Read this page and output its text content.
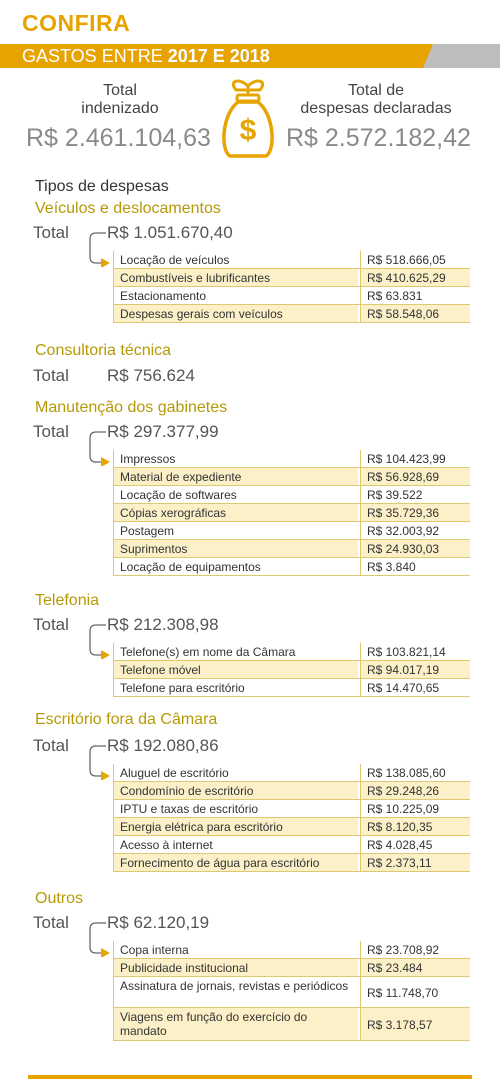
CONFIRA
GASTOS ENTRE 2017 E 2018
Total
indenizado
R$ 2.461.104,63 $
Total de
despesas declaradas
R$ 2.572.182,42
Tipos de despesas
Veículos e deslocamentos
Total R$ 1.051.670,40
Locação de veículos	R$ 518.666,05
Combustíveis e lubrificantes	R$ 410.625,29
Estacionamento	R$ 63.831
Despesas gerais com veículos	R$ 58.548,06
Consultoria técnica
Total R$ 756.624
Manutenção dos gabinetes
Total R$ 297.377,99
Impressos	R$ 104.423,99
Material de expediente	R$ 56.928,69
Locação de softwares	R$ 39.522
Cópias xerográficas	R$ 35.729,36
Postagem	R$ 32.003,92
Suprimentos	R$ 24.930,03
Locação de equipamentos	R$ 3.840
Telefonia
Total R$ 212.308,98
Telefone(s) em nome da Câmara	R$ 103.821,14
Telefone móvel	R$ 94.017,19
Telefone para escritório	R$ 14.470,65
Escritório fora da Câmara
Total R$ 192.080,86
Aluguel de escritório	R$ 138.085,60
Condomínio de escritório	R$ 29.248,26
IPTU e taxas de escritório	R$ 10.225,09
Energia elétrica para escritório	R$ 8.120,35
Acesso à internet	R$ 4.028,45
Fornecimento de água para escritório	R$ 2.373,11
Outros
Total R$ 62.120,19
Copa interna	R$ 23.708,92
Publicidade institucional	R$ 23.484
Assinatura de jornais, revistas e periódicos	R$ 11.748,70
Viagens em função do exercício do mandato	R$ 3.178,57
